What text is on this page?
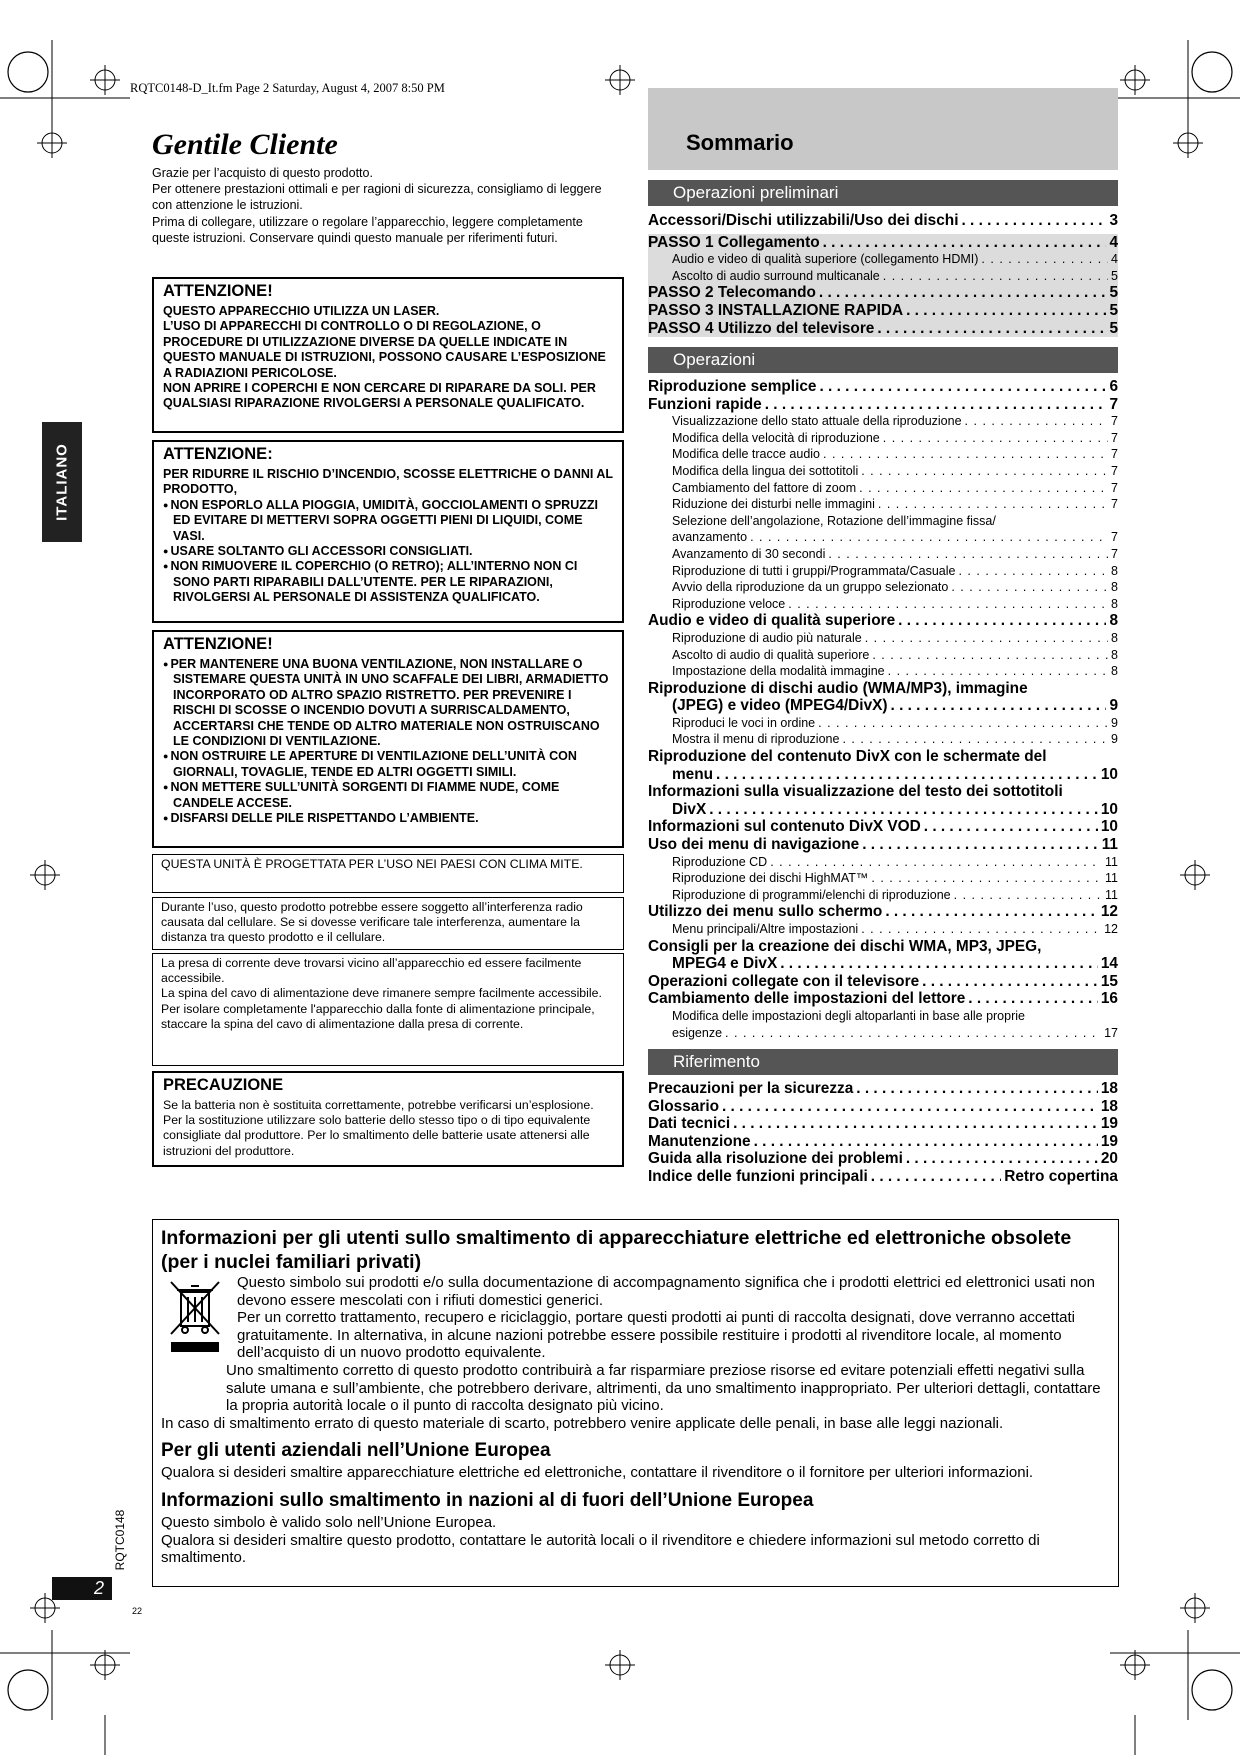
RQTC0148-D_It.fm Page 2 Saturday, August 4, 2007 8:50 PM
ITALIANO
Gentile Cliente
Grazie per l’acquisto di questo prodotto.
Per ottenere prestazioni ottimali e per ragioni di sicurezza, consigliamo di leggere con attenzione le istruzioni.
Prima di collegare, utilizzare o regolare l’apparecchio, leggere completamente queste istruzioni. Conservare quindi questo manuale per riferimenti futuri.
ATTENZIONE!
QUESTO APPARECCHIO UTILIZZA UN LASER.
L’USO DI APPARECCHI DI CONTROLLO O DI REGOLAZIONE, O PROCEDURE DI UTILIZZAZIONE DIVERSE DA QUELLE INDICATE IN QUESTO MANUALE DI ISTRUZIONI, POSSONO CAUSARE L’ESPOSIZIONE A RADIAZIONI PERICOLOSE.
NON APRIRE I COPERCHI E NON CERCARE DI RIPARARE DA SOLI. PER QUALSIASI RIPARAZIONE RIVOLGERSI A PERSONALE QUALIFICATO.
ATTENZIONE:
PER RIDURRE IL RISCHIO D’INCENDIO, SCOSSE ELETTRICHE O DANNI AL PRODOTTO,
● NON ESPORLO ALLA PIOGGIA, UMIDITÀ, GOCCIOLAMENTI O SPRUZZI ED EVITARE DI METTERVI SOPRA OGGETTI PIENI DI LIQUIDI, COME VASI.
● USARE SOLTANTO GLI ACCESSORI CONSIGLIATI.
● NON RIMUOVERE IL COPERCHIO (O RETRO); ALL’INTERNO NON CI SONO PARTI RIPARABILI DALL’UTENTE. PER LE RIPARAZIONI, RIVOLGERSI AL PERSONALE DI ASSISTENZA QUALIFICATO.
ATTENZIONE!
● PER MANTENERE UNA BUONA VENTILAZIONE, NON INSTALLARE O SISTEMARE QUESTA UNITÀ IN UNO SCAFFALE DEI LIBRI, ARMADIETTO INCORPORATO OD ALTRO SPAZIO RISTRETTO. PER PREVENIRE I RISCHI DI SCOSSE O INCENDIO DOVUTI A SURRISCALDAMENTO, ACCERTARSI CHE TENDE OD ALTRO MATERIALE NON OSTRUISCANO LE CONDIZIONI DI VENTILAZIONE.
● NON OSTRUIRE LE APERTURE DI VENTILAZIONE DELL’UNITÀ CON GIORNALI, TOVAGLIE, TENDE ED ALTRI OGGETTI SIMILI.
● NON METTERE SULL’UNITÀ SORGENTI DI FIAMME NUDE, COME CANDELE ACCESE.
● DISFARSI DELLE PILE RISPETTANDO L’AMBIENTE.
QUESTA UNITÀ È PROGETTATA PER L’USO NEI PAESI CON CLIMA MITE.
Durante l’uso, questo prodotto potrebbe essere soggetto all’interferenza radio causata dal cellulare. Se si dovesse verificare tale interferenza, aumentare la distanza tra questo prodotto e il cellulare.
La presa di corrente deve trovarsi vicino all’apparecchio ed essere facilmente accessibile.
La spina del cavo di alimentazione deve rimanere sempre facilmente accessibile.
Per isolare completamente l'apparecchio dalla fonte di alimentazione principale, staccare la spina del cavo di alimentazione dalla presa di corrente.
PRECAUZIONE
Se la batteria non è sostituita correttamente, potrebbe verificarsi un’esplosione. Per la sostituzione utilizzare solo batterie dello stesso tipo o di tipo equivalente consigliate dal produttore. Per lo smaltimento delle batterie usate attenersi alle istruzioni del produttore.
Sommario
Operazioni preliminari
Accessori/Dischi utilizzabili/Uso dei dischi . . .	3
PASSO 1 Collegamento . . .	4
Audio e video di qualità superiore (collegamento HDMI) . . .	4
Ascolto di audio surround multicanale . . .	5
PASSO 2 Telecomando . . .	5
PASSO 3 INSTALLAZIONE RAPIDA . . .	5
PASSO 4 Utilizzo del televisore . . .	5
Operazioni
Riproduzione semplice . . .	6
Funzioni rapide . . .	7
Visualizzazione dello stato attuale della riproduzione . . .	7
Modifica della velocità di riproduzione . . .	7
Modifica delle tracce audio . . .	7
Modifica della lingua dei sottotitoli . . .	7
Cambiamento del fattore di zoom . . .	7
Riduzione dei disturbi nelle immagini . . .	7
Selezione dell’angolazione, Rotazione dell’immagine fissa/
avanzamento . . .	7
Avanzamento di 30 secondi . . .	7
Riproduzione di tutti i gruppi/Programmata/Casuale . . .	8
Avvio della riproduzione da un gruppo selezionato . . .	8
Riproduzione veloce . . .	8
Audio e video di qualità superiore . . .	8
Riproduzione di audio più naturale . . .	8
Ascolto di audio di qualità superiore . . .	8
Impostazione della modalità immagine . . .	8
Riproduzione di dischi audio (WMA/MP3), immagine
(JPEG) e video (MPEG4/DivX) . . .	9
Riproduci le voci in ordine . . .	9
Mostra il menu di riproduzione . . .	9
Riproduzione del contenuto DivX con le schermate del
menu . . .	10
Informazioni sulla visualizzazione del testo dei sottotitoli
DivX . . .	10
Informazioni sul contenuto DivX VOD . . .	10
Uso dei menu di navigazione . . .	11
Riproduzione CD . . .	11
Riproduzione dei dischi HighMAT™ . . .	11
Riproduzione di programmi/elenchi di riproduzione . . .	11
Utilizzo dei menu sullo schermo . . .	12
Menu principali/Altre impostazioni . . .	12
Consigli per la creazione dei dischi WMA, MP3, JPEG,
MPEG4 e DivX . . .	14
Operazioni collegate con il televisore . . .	15
Cambiamento delle impostazioni del lettore . . .	16
Modifica delle impostazioni degli altoparlanti in base alle proprie
esigenze . . .	17
Riferimento
Precauzioni per la sicurezza . . .	18
Glossario . . .	18
Dati tecnici . . .	19
Manutenzione . . .	19
Guida alla risoluzione dei problemi . . .	20
Indice delle funzioni principali . . .	Retro copertina
Informazioni per gli utenti sullo smaltimento di apparecchiature elettriche ed elettroniche obsolete (per i nuclei familiari privati)

Questo simbolo sui prodotti e/o sulla documentazione di accompagnamento significa che i prodotti elettrici ed elettronici usati non devono essere mescolati con i rifiuti domestici generici.

Per un corretto trattamento, recupero e riciclaggio, portare questi prodotti ai punti di raccolta designati, dove verranno accettati gratuitamente. In alternativa, in alcune nazioni potrebbe essere possibile restituire i prodotti al rivenditore locale, al momento dell’acquisto di un nuovo prodotto equivalente.

Uno smaltimento corretto di questo prodotto contribuirà a far risparmiare preziose risorse ed evitare potenziali effetti negativi sulla salute umana e sull’ambiente, che potrebbero derivare, altrimenti, da uno smaltimento inappropriato. Per ulteriori dettagli, contattare la propria autorità locale o il punto di raccolta designato più vicino.

In caso di smaltimento errato di questo materiale di scarto, potrebbero venire applicate delle penali, in base alle leggi nazionali.

Per gli utenti aziendali nell’Unione Europea

Qualora si desideri smaltire apparecchiature elettriche ed elettroniche, contattare il rivenditore o il fornitore per ulteriori informazioni.

Informazioni sullo smaltimento in nazioni al di fuori dell’Unione Europea

Questo simbolo è valido solo nell’Unione Europea.

Qualora si desideri smaltire questo prodotto, contattare le autorità locali o il rivenditore e chiedere informazioni sul metodo corretto di smaltimento.

RQTC0148
2
22
